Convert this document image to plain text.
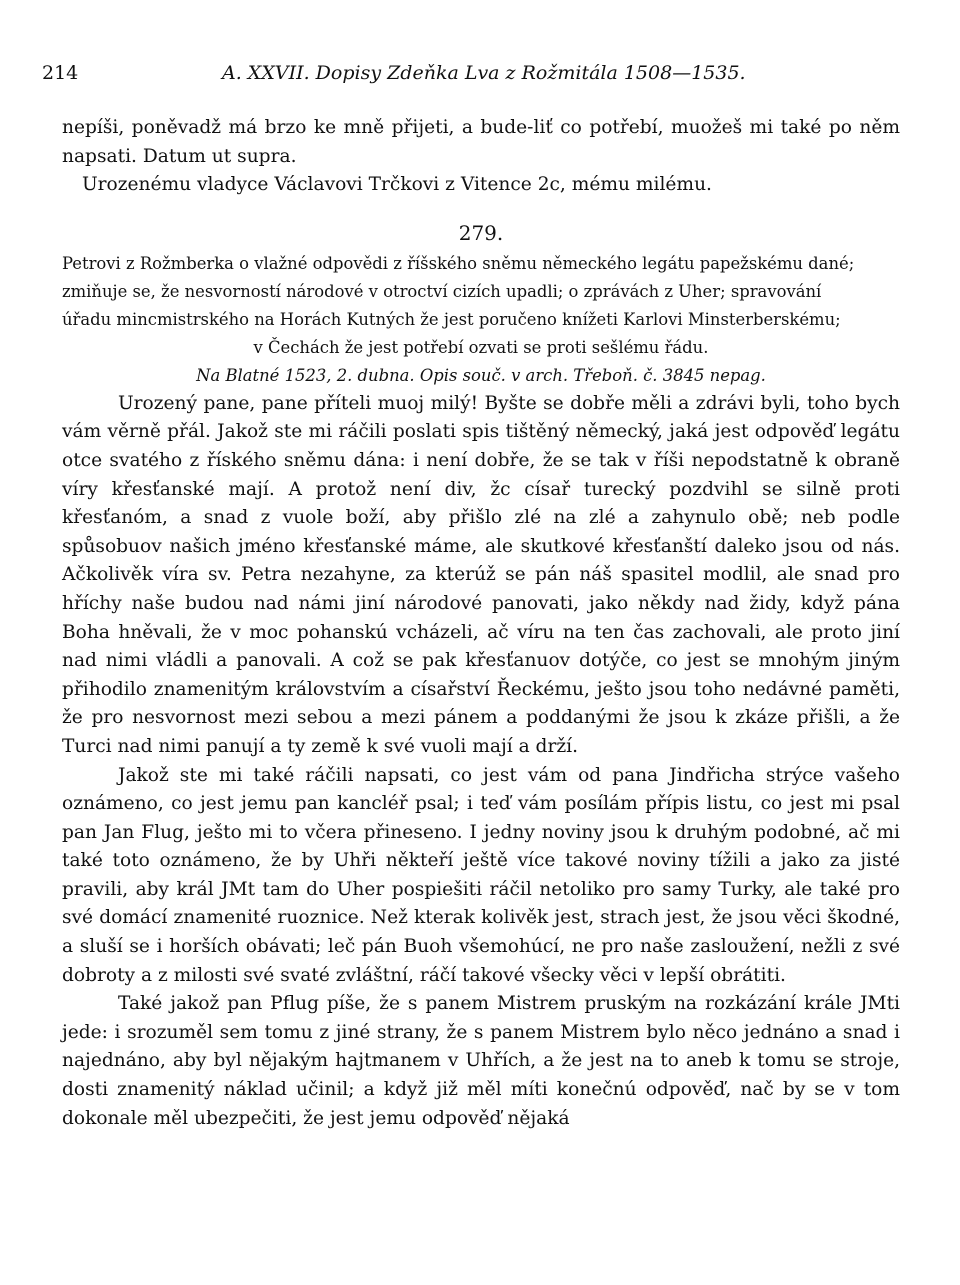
214	A. XXVII. Dopisy Zdeňka Lva z Rožmitála 1508—1535.

nepíši, poněvadž má brzo ke mně přijeti, a bude-liť co potřebí, muožeš mi také po něm napsati. Datum ut supra.

Urozenému vladyce Václavovi Trčkovi z Vitence 2c, mému milému.

279.

Petrovi z Rožmberka o vlažné odpovědi z říšského sněmu německého legátu papežskému dané;

zmiňuje se, že nesvorností národové v otroctví cizích upadli; o zprávách z Uher; spravování

úřadu mincmistrského na Horách Kutných že jest poručeno knížeti Karlovi Minsterberskému;

v Čechách že jest potřebí ozvati se proti sešlému řádu.

Na Blatné 1523, 2. dubna. Opis souč. v arch. Třeboň. č. 3845 nepag.

Urozený pane, pane příteli muoj milý! Byšte se dobře měli a zdrávi byli, toho bych vám věrně přál. Jakož ste mi ráčili poslati spis tištěný německý, jaká jest odpověď legátu otce svatého z říského sněmu dána: i není dobře, že se tak v říši nepodstatně k obraně víry křesťanské mají. A protož není div, žc císař turecký pozdvihl se silně proti křesťanóm, a snad z vuole boží, aby přišlo zlé na zlé a zahynulo obě; neb podle spůsobuov našich jméno křesťanské máme, ale skutkové křesťanští daleko jsou od nás. Ačkolivěk víra sv. Petra nezahyne, za kterúž se pán náš spasitel modlil, ale snad pro hříchy naše budou nad námi jiní národové panovati, jako někdy nad židy, když pána Boha hněvali, že v moc pohanskú vcházeli, ač víru na ten čas zachovali, ale proto jiní nad nimi vládli a panovali. A což se pak křesťanuov dotýče, co jest se mnohým jiným přihodilo znamenitým královstvím a císařství Řeckému, ješto jsou toho nedávné paměti, že pro nesvornost mezi sebou a mezi pánem a poddanými že jsou k zkáze přišli, a že Turci nad nimi panují a ty země k své vuoli mají a drží.

Jakož ste mi také ráčili napsati, co jest vám od pana Jindřicha strýce vašeho oznámeno, co jest jemu pan kancléř psal; i teď vám posílám přípis listu, co jest mi psal pan Jan Flug, ješto mi to včera přineseno. I jedny noviny jsou k druhým podobné, ač mi také toto oznámeno, že by Uhři někteří ještě více takové noviny tížili a jako za jisté pravili, aby král JMt tam do Uher pospiešiti ráčil netoliko pro samy Turky, ale také pro své domácí znamenité ruoznice. Než kterak kolivěk jest, strach jest, že jsou věci škodné, a sluší se i horších obávati; leč pán Buoh všemohúcí, ne pro naše zasloužení, nežli z své dobroty a z milosti své svaté zvláštní, ráčí takové všecky věci v lepší obrátiti.

Také jakož pan Pflug píše, že s panem Mistrem pruským na rozkázání krále JMti jede: i srozuměl sem tomu z jiné strany, že s panem Mistrem bylo něco jednáno a snad i najednáno, aby byl nějakým hajtmanem v Uhřích, a že jest na to aneb k tomu se stroje, dosti znamenitý náklad učinil; a když již měl míti konečnú odpověď, nač by se v tom dokonale měl ubezpečiti, že jest jemu odpověď nějaká
